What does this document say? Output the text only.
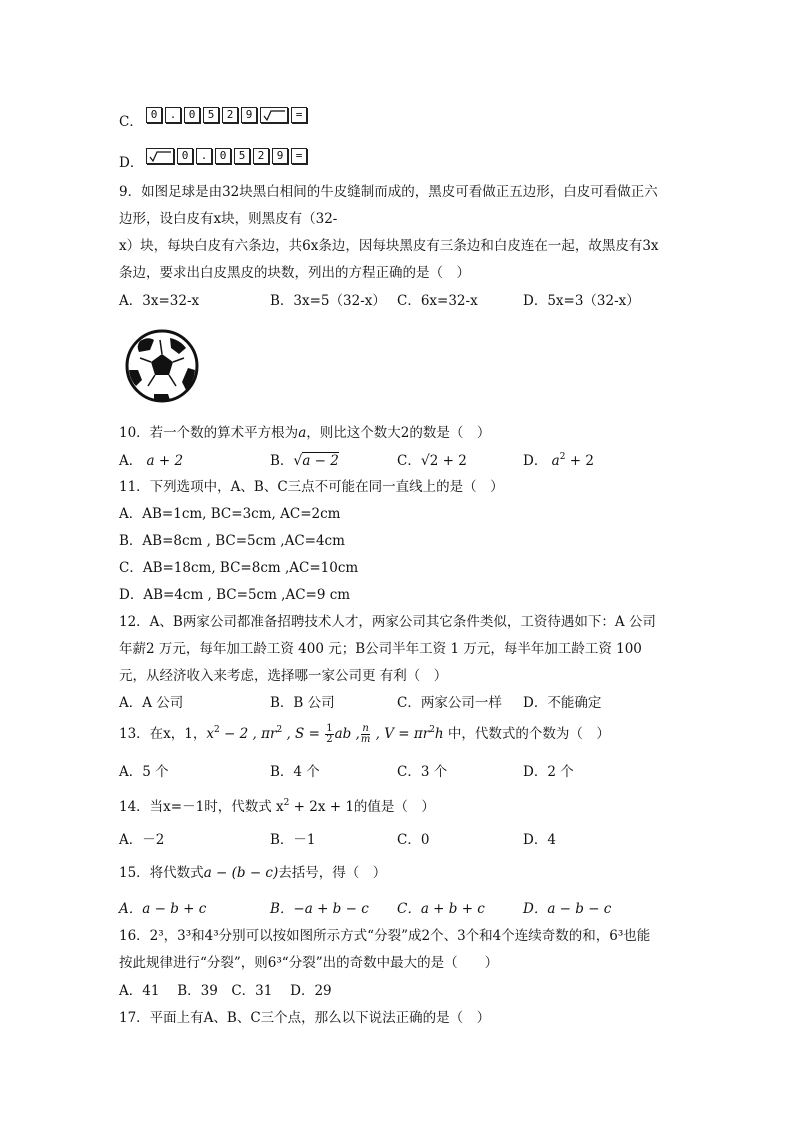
C． 0	.	0	5	2	9	=
D．	0	.	0	5	2	9	=
9．如图足球是由32块黑白相间的牛皮缝制而成的，黑皮可看做正五边形，白皮可看做正六
边形，设白皮有x块，则黑皮有（32-
x）块，每块白皮有六条边，共6x条边，因每块黑皮有三条边和白皮连在一起，故黑皮有3x
条边，要求出白皮黑皮的块数，列出的方程正确的是（　）
A．3x=32-x	B．3x=5（32-x） C．6x=32-x	D．5x=3（32-x）
10．若一个数的算术平方根为a，则比这个数大2的数是（　）
A． a + 2	B．√a − 2	C．√2 + 2	D． $a^2 + 2$
11．下列选项中，A、B、C三点不可能在同一直线上的是（　）
A．AB=1cm, BC=3cm, AC=2cm
B．AB=8cm , BC=5cm ,AC=4cm
C．AB=18cm, BC=8cm ,AC=10cm
D．AB=4cm , BC=5cm ,AC=9 cm
12．A、B两家公司都准备招聘技术人才，两家公司其它条件类似，工资待遇如下：A 公司
年薪2 万元，每年加工龄工资 400 元；B公司半年工资 1 万元，每半年加工龄工资 100
元，从经济收入来考虑，选择哪一家公司更 有利（　）
A．A 公司	B．B 公司	C．两家公司一样 D．不能确定
13．在x，1，$x^2 - 2$ , $\pi r^2$ , $S = \frac{1}{2}$ ab , $\frac{n}{m}$ , $V = \pi r^2h$ 中，代数式的个数为（　）
A．5 个	B．4 个	C．3 个	D．2 个
14．当x=－1时，代数式 $x^2 + 2x + 1$的值是（　）
A．－2	B．－1	C．0	D．4
15．将代数式a − (b − c)去括号，得（　）
A．a − b + c	B．−a + b − c C．a + b + c	D．a − b − c
16．2³，3³和4³分别可以按如图所示方式“分裂”成2个、3个和4个连续奇数的和，6³也能
按此规律进行“分裂”，则6³“分裂”出的奇数中最大的是（　　）
A．41　 B．39　C．31　 D．29
17．平面上有A、B、C三个点，那么以下说法正确的是（　）
